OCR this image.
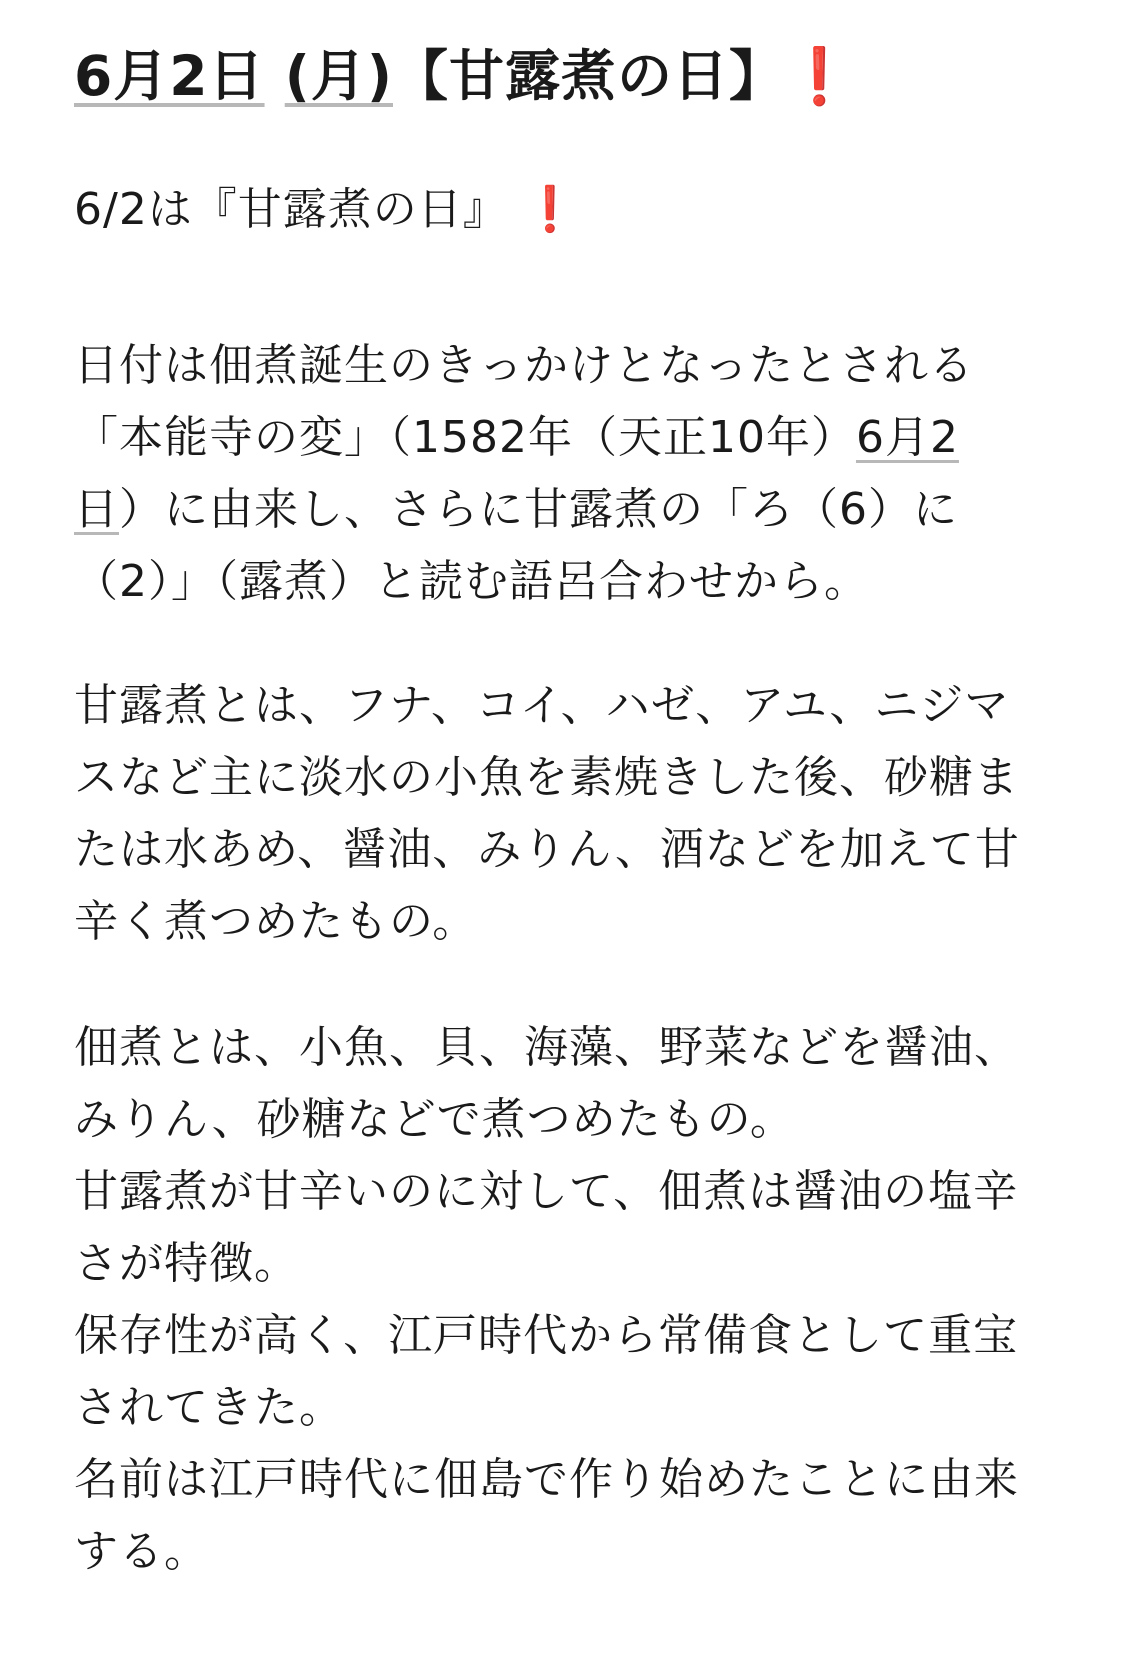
6月2日 (月)【甘露煮の日】❗

6/2は『甘露煮の日』 ❗

日付は佃煮誕生のきっかけとなったとされる
「本能寺の変」（1582年（天正10年）6月2
日）に由来し、さらに甘露煮の「ろ（6）に
（2）」（露煮）と読む語呂合わせから。

甘露煮とは、フナ、コイ、ハゼ、アユ、ニジマ
スなど主に淡水の小魚を素焼きした後、砂糖ま
たは水あめ、醤油、みりん、酒などを加えて甘
辛く煮つめたもの。

佃煮とは、小魚、貝、海藻、野菜などを醤油、
みりん、砂糖などで煮つめたもの。
甘露煮が甘辛いのに対して、佃煮は醤油の塩辛
さが特徴。
保存性が高く、江戸時代から常備食として重宝
されてきた。
名前は江戸時代に佃島で作り始めたことに由来
する。
